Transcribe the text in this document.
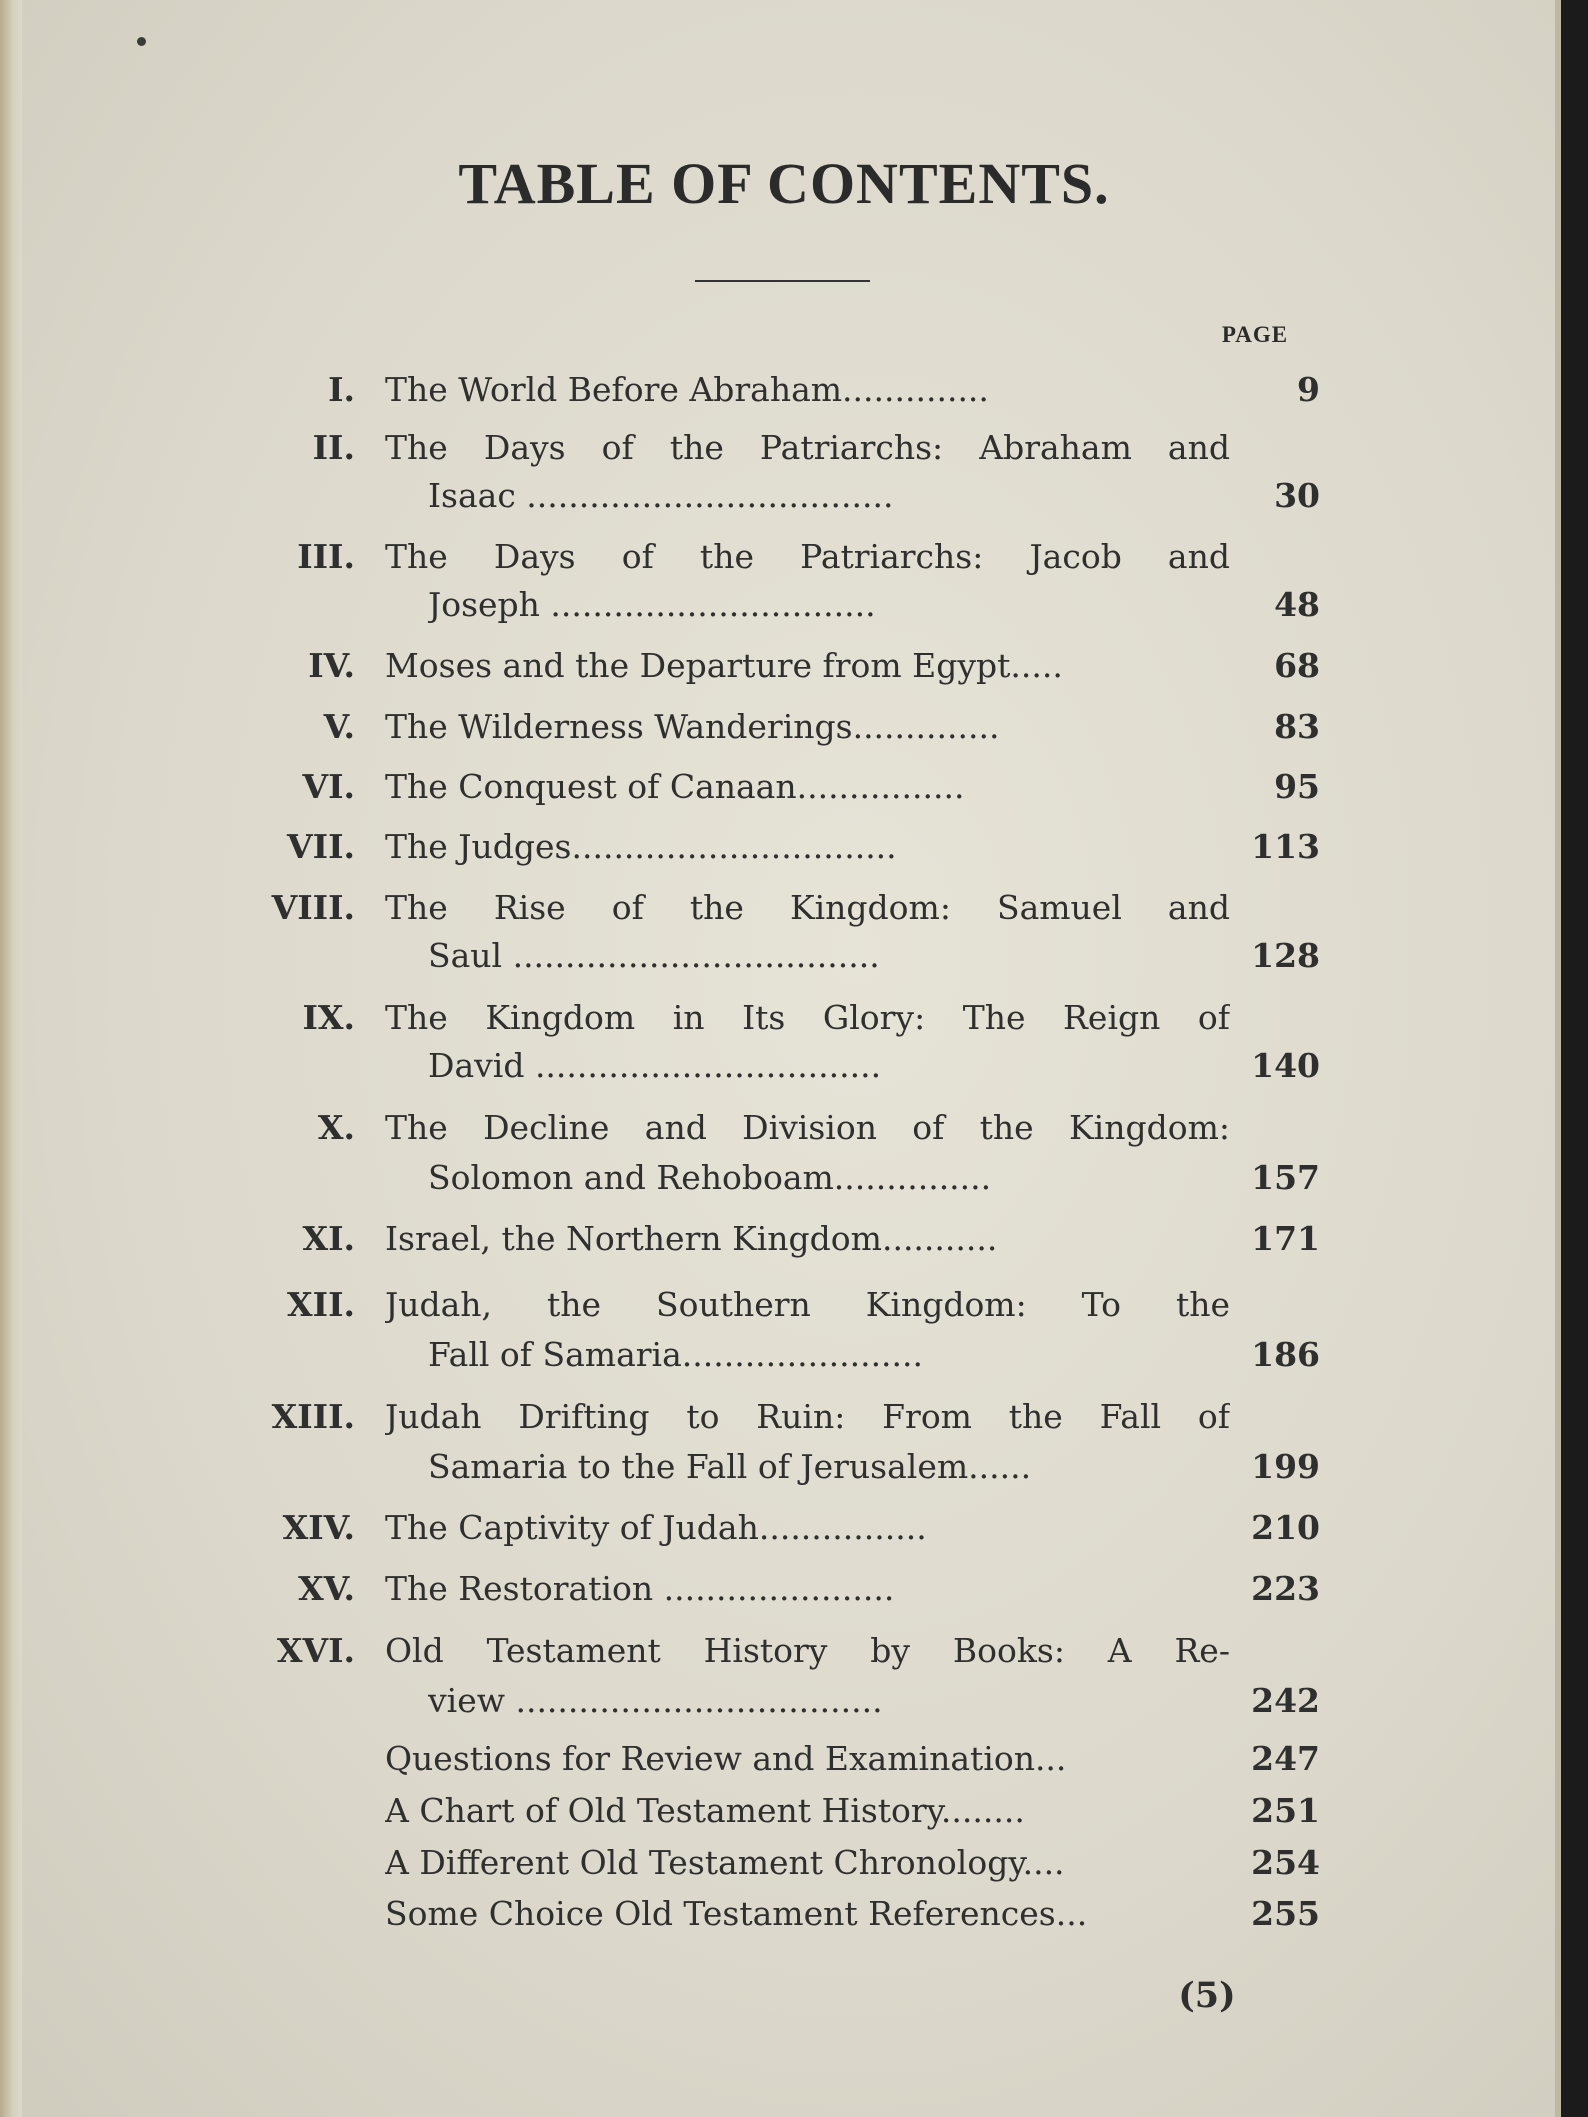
TABLE OF CONTENTS.
PAGE
I. The World Before Abraham..............	9
II. The Days of the Patriarchs: Abraham and
Isaac ...................................	30
III. The Days of the Patriarchs: Jacob and
Joseph ...............................	48
IV. Moses and the Departure from Egypt.....	68
V. The Wilderness Wanderings..............	83
VI. The Conquest of Canaan................	95
VII. The Judges...............................	113
VIII. The Rise of the Kingdom: Samuel and
Saul ...................................	128
IX. The Kingdom in Its Glory: The Reign of
David .................................	140
X. The Decline and Division of the Kingdom:
Solomon and Rehoboam...............	157
XI. Israel, the Northern Kingdom...........	171
XII. Judah, the Southern Kingdom: To the
Fall of Samaria.......................	186
XIII. Judah Drifting to Ruin: From the Fall of
Samaria to the Fall of Jerusalem......	199
XIV. The Captivity of Judah................	210
XV. The Restoration ......................	223
XVI. Old Testament History by Books: A Re-
view ...................................	242
Questions for Review and Examination...	247
A Chart of Old Testament History........	251
A Different Old Testament Chronology....	254
Some Choice Old Testament References...	255
(5)
